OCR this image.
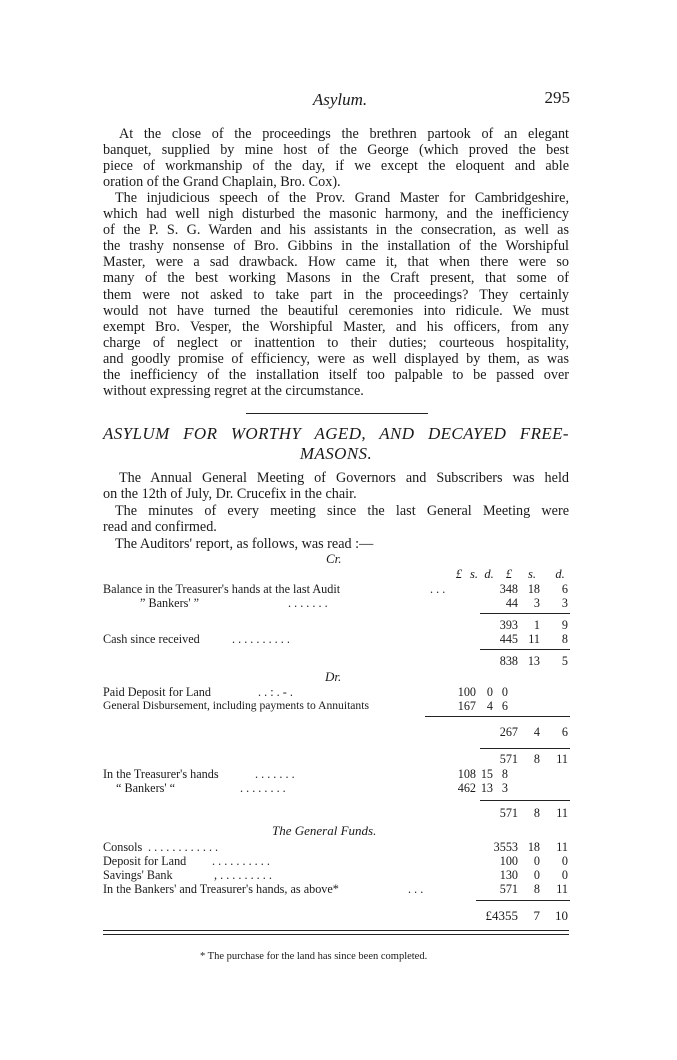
Asylum.	295
At the close of the proceedings the brethren partook of an elegant
banquet, supplied by mine host of the George (which proved the best
piece of workmanship of the day, if we except the eloquent and able
oration of the Grand Chaplain, Bro. Cox).
The injudicious speech of the Prov. Grand Master for Cambridgeshire,
which had well nigh disturbed the masonic harmony, and the inefficiency
of the P. S. G. Warden and his assistants in the consecration, as well as
the trashy nonsense of Bro. Gibbins in the installation of the Worshipful
Master, were a sad drawback. How came it, that when there were so
many of the best working Masons in the Craft present, that some of
them were not asked to take part in the proceedings? They certainly
would not have turned the beautiful ceremonies into ridicule. We must
exempt Bro. Vesper, the Worshipful Master, and his officers, from any
charge of neglect or inattention to their duties; courteous hospitality,
and goodly promise of efficiency, were as well displayed by them, as was
the inefficiency of the installation itself too palpable to be passed over
without expressing regret at the circumstance.
ASYLUM FOR WORTHY AGED, AND DECAYED FREE-
MASONS.
The Annual General Meeting of Governors and Subscribers was held
on the 12th of July, Dr. Crucefix in the chair.
The minutes of every meeting since the last General Meeting were
read and confirmed.
The Auditors' report, as follows, was read :—
Cr.
£ s. d. £	s.	d.
Balance in the Treasurer's hands at the last Audit	. . .	348 18	6
” Bankers' ”	. . . . . . .	44	3	3
393	1	9
Cash since received	. . . . . . . . . .	445 11	8
838 13	5
Dr.
Paid Deposit for Land	. . : . - .	100 0 0
General Disbursement, including payments to Annuitants	167 4 6
267	4	6
571	8	11
In the Treasurer's hands	. . . . . . .	108 15 8
“ Bankers' “	. . . . . . . .	462 13 3
571	8	11
The General Funds.
Consols . . . . . . . . . . . .	3553 18	11
Deposit for Land . . . . . . . . . .	100	0	0
Savings' Bank	, . . . . . . . . .	130	0	0
In the Bankers' and Treasurer's hands, as above*	. . .	571	8	11
£4355	7	10
* The purchase for the land has since been completed.
